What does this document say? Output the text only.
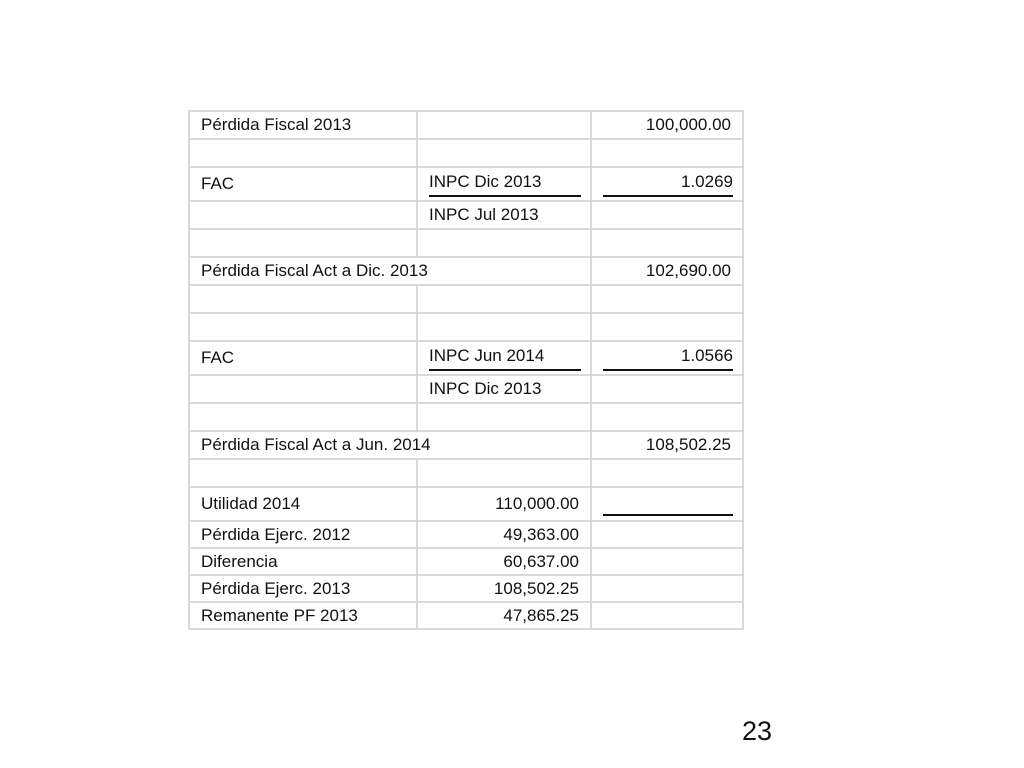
Pérdida Fiscal 2013		100,000.00

FAC	INPC Dic 2013	1.0269

	INPC Jul 2013	

Pérdida Fiscal Act a Dic. 2013		102,690.00

FAC	INPC Jun 2014	1.0566

	INPC Dic 2013	

Pérdida Fiscal Act a Jun. 2014		108,502.25

Utilidad 2014	110,000.00	

Pérdida Ejerc. 2012	49,363.00	
Diferencia	60,637.00	
Pérdida Ejerc. 2013	108,502.25	
Remanente PF 2013	47,865.25	
23
